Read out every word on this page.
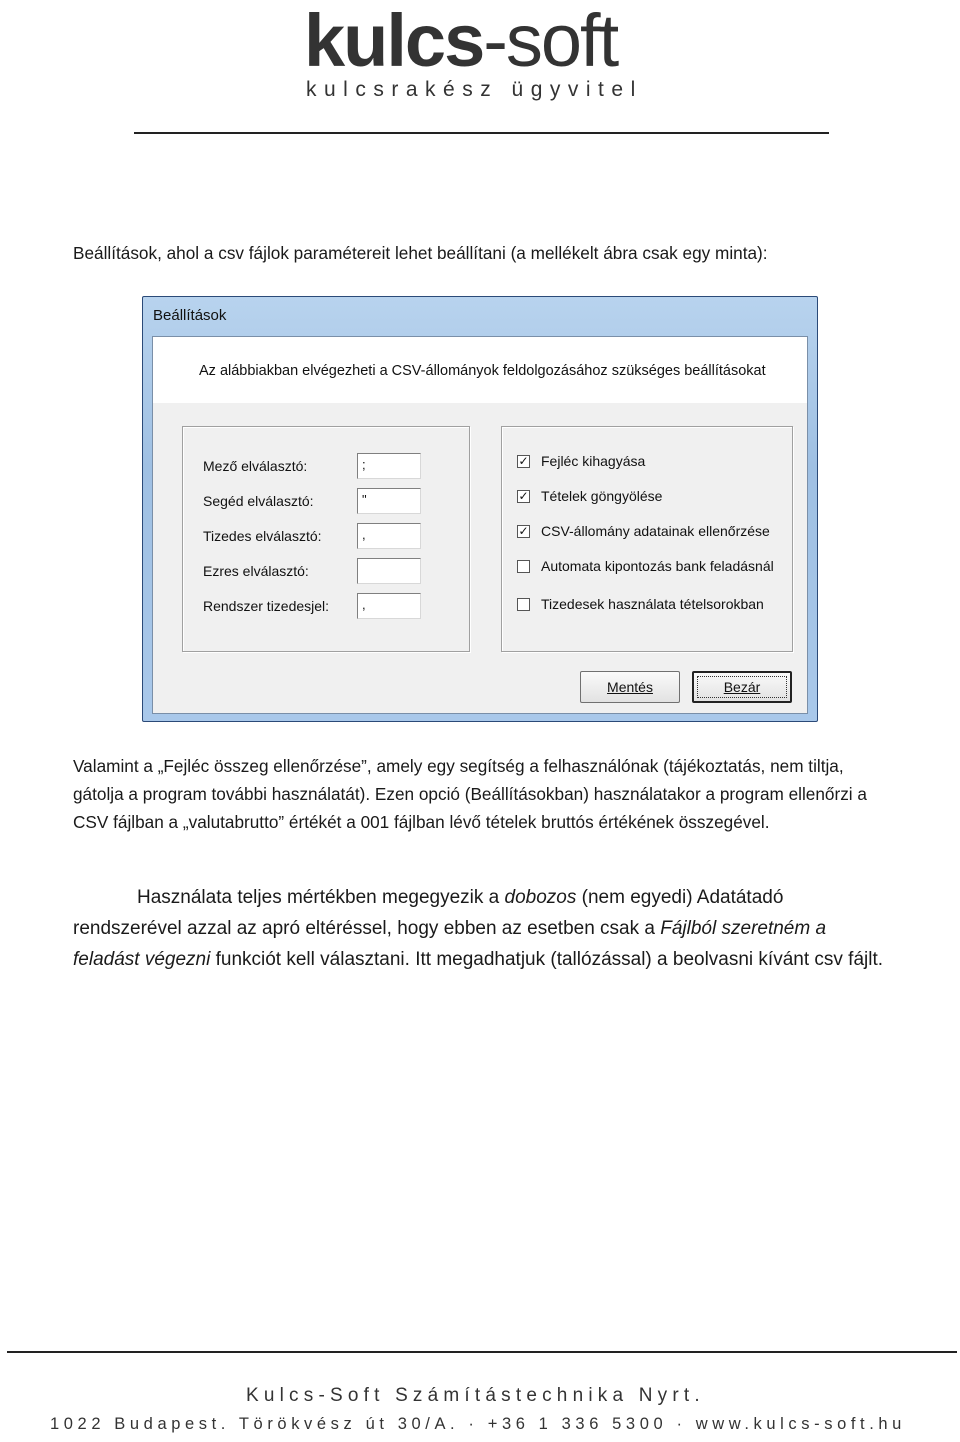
kulcs-soft
kulcsrakész ügyvitel
Beállítások, ahol a csv fájlok paramétereit lehet beállítani (a mellékelt ábra csak egy minta):
Beállítások
Az alábbiakban elvégezheti a CSV-állományok feldolgozásához szükséges beállításokat
Mező elválasztó:	;
Segéd elválasztó:	"
Tizedes elválasztó:	,
Ezres elválasztó:
Rendszer tizedesjel:	,
✓ Fejléc kihagyása
✓ Tételek göngyölése
✓ CSV-állomány adatainak ellenőrzése
Automata kipontozás bank feladásnál
Tizedesek használata tételsorokban
Mentés	Bezár
Valamint a „Fejléc összeg ellenőrzése”, amely egy segítség a felhasználónak (tájékoztatás, nem tiltja, gátolja a program további használatát). Ezen opció (Beállításokban) használatakor a program ellenőrzi a CSV fájlban a „valutabrutto” értékét a 001 fájlban lévő tételek bruttós értékének összegével.
Használata teljes mértékben megegyezik a dobozos (nem egyedi) Adatátadó rendszerével azzal az apró eltéréssel, hogy ebben az esetben csak a Fájlból szeretném a feladást végezni funkciót kell választani. Itt megadhatjuk (tallózással) a beolvasni kívánt csv fájlt.
Kulcs-Soft Számítástechnika Nyrt.
1022 Budapest. Törökvész út 30/A. · +36 1 336 5300 · www.kulcs-soft.hu
